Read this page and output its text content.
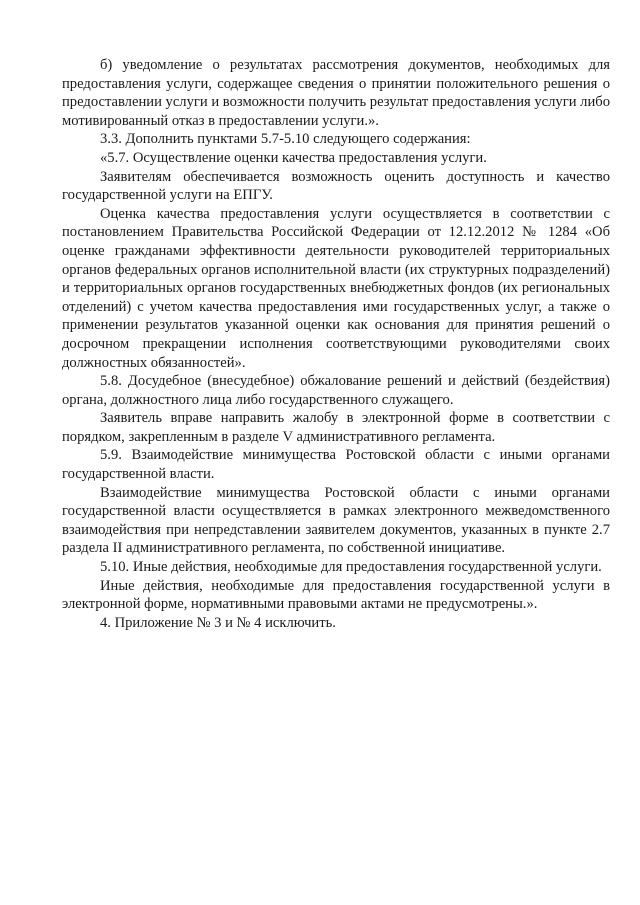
б) уведомление о результатах рассмотрения документов, необходимых для предоставления услуги, содержащее сведения о принятии положительного решения о предоставлении услуги и возможности получить результат предоставления услуги либо мотивированный отказ в предоставлении услуги.».

3.3. Дополнить пунктами 5.7-5.10 следующего содержания:

«5.7. Осуществление оценки качества предоставления услуги.

Заявителям обеспечивается возможность оценить доступность и качество государственной услуги на ЕПГУ.

Оценка качества предоставления услуги осуществляется в соответствии с постановлением Правительства Российской Федерации от 12.12.2012 № 1284 «Об оценке гражданами эффективности деятельности руководителей территориальных органов федеральных органов исполнительной власти (их структурных подразделений) и территориальных органов государственных внебюджетных фондов (их региональных отделений) с учетом качества предоставления ими государственных услуг, а также о применении результатов указанной оценки как основания для принятия решений о досрочном прекращении исполнения соответствующими руководителями своих должностных обязанностей».

5.8. Досудебное (внесудебное) обжалование решений и действий (бездействия) органа, должностного лица либо государственного служащего.

Заявитель вправе направить жалобу в электронной форме в соответствии с порядком, закрепленным в разделе V административного регламента.

5.9. Взаимодействие минимущества Ростовской области с иными органами государственной власти.

Взаимодействие минимущества Ростовской области с иными органами государственной власти осуществляется в рамках электронного межведомственного взаимодействия при непредставлении заявителем документов, указанных в пункте 2.7 раздела II административного регламента, по собственной инициативе.

5.10. Иные действия, необходимые для предоставления государственной услуги.

Иные действия, необходимые для предоставления государственной услуги в электронной форме, нормативными правовыми актами не предусмотрены.».

4. Приложение № 3 и № 4 исключить.
